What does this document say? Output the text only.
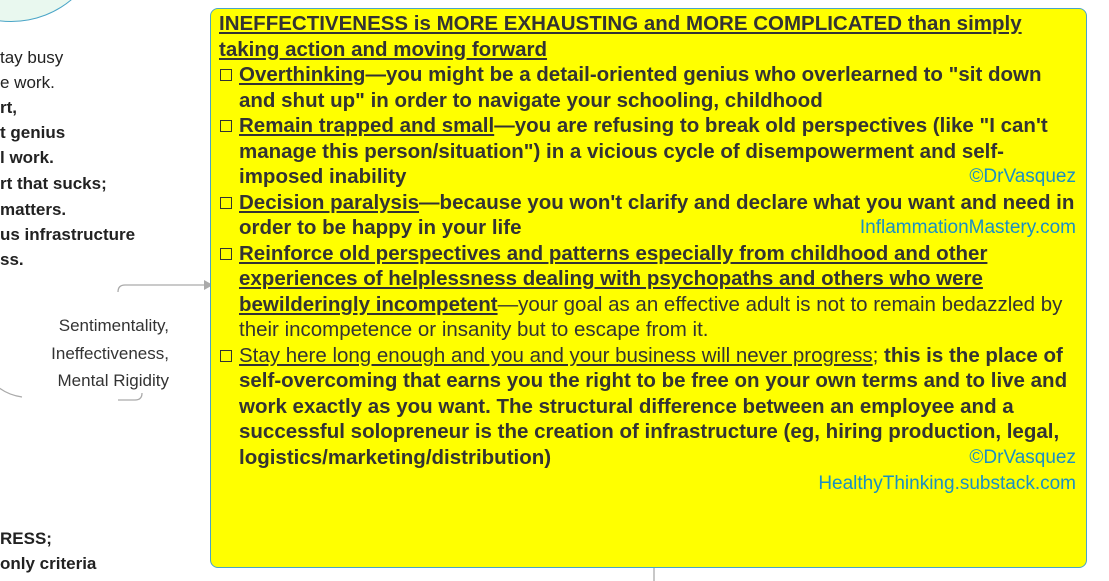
tay busy
e work.
rt,
t genius
l work.
rt that sucks;
matters.
us infrastructure
ss.
RESS;
only criteria
Sentimentality,
Ineffectiveness,
Mental Rigidity

INEFFECTIVENESS is MORE EXHAUSTING and MORE COMPLICATED than simply taking action and moving forward

Overthinking—you might be a detail-oriented genius who overlearned to "sit down and shut up" in order to navigate your schooling, childhood

Remain trapped and small—you are refusing to break old perspectives (like "I can't manage this person/situation") in a vicious cycle of disempowerment and self-imposed inability	©DrVasquez

Decision paralysis—because you won't clarify and declare what you want and need in order to be happy in your life	InflammationMastery.com

Reinforce old perspectives and patterns especially from childhood and other experiences of helplessness dealing with psychopaths and others who were bewilderingly incompetent—your goal as an effective adult is not to remain bedazzled by their incompetence or insanity but to escape from it.

Stay here long enough and you and your business will never progress; this is the place of self-overcoming that earns you the right to be free on your own terms and to live and work exactly as you want. The structural difference between an employee and a successful solopreneur is the creation of infrastructure (eg, hiring production, legal, logistics/marketing/distribution)	©DrVasquez

HealthyThinking.substack.com
